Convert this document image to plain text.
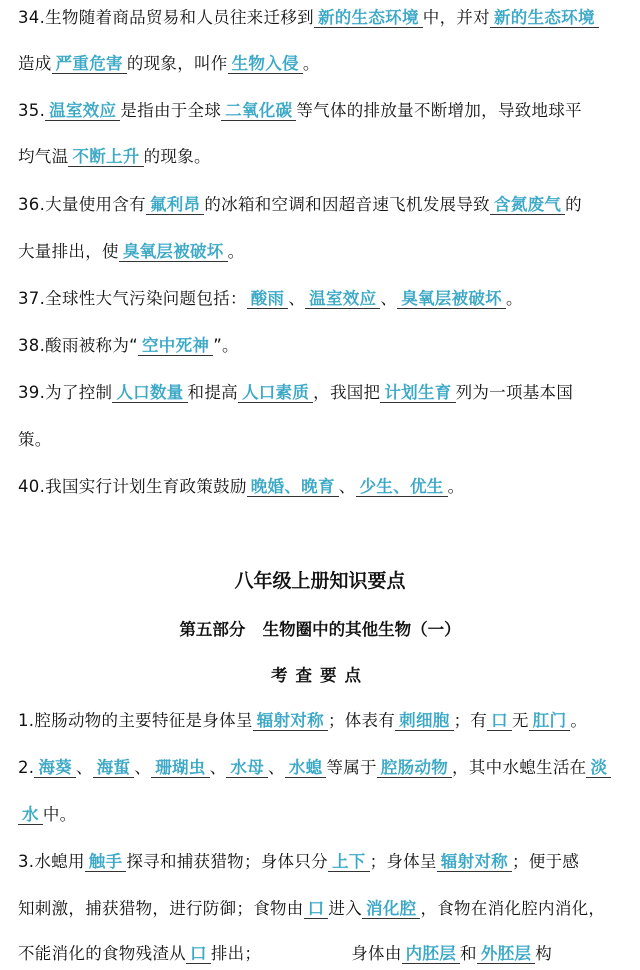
34.生物随着商品贸易和人员往来迁移到 新的生态环境 中，并对 新的生态环境
造成 严重危害 的现象，叫作 生物入侵 。
35. 温室效应 是指由于全球 二氧化碳 等气体的排放量不断增加，导致地球平
均气温 不断上升 的现象。
36.大量使用含有 氟利昂 的冰箱和空调和因超音速飞机发展导致 含氮废气 的
大量排出，使 臭氧层被破坏 。
37.全球性大气污染问题包括： 酸雨 、 温室效应 、 臭氧层被破坏 。
38.酸雨被称为“ 空中死神 ”。
39.为了控制 人口数量 和提高 人口素质 ，我国把 计划生育 列为一项基本国
策。
40.我国实行计划生育政策鼓励 晚婚、晚育 、 少生、优生 。
八年级上册知识要点
第五部分   生物圈中的其他生物（一）
考查要点
1.腔肠动物的主要特征是身体呈 辐射对称 ；体表有 刺细胞 ；有 口 无 肛门 。
2. 海葵 、 海蜇 、 珊瑚虫 、 水母 、 水螅 等属于 腔肠动物 ，其中水螅生活在 淡
水 中。
3.水螅用 触手 探寻和捕获猎物；身体只分 上下 ；身体呈 辐射对称 ；便于感
知刺激，捕获猎物，进行防御；食物由 口 进入 消化腔 ，食物在消化腔内消化，
不能消化的食物残渣从 口 排出；	身体由 内胚层 和 外胚层 构
